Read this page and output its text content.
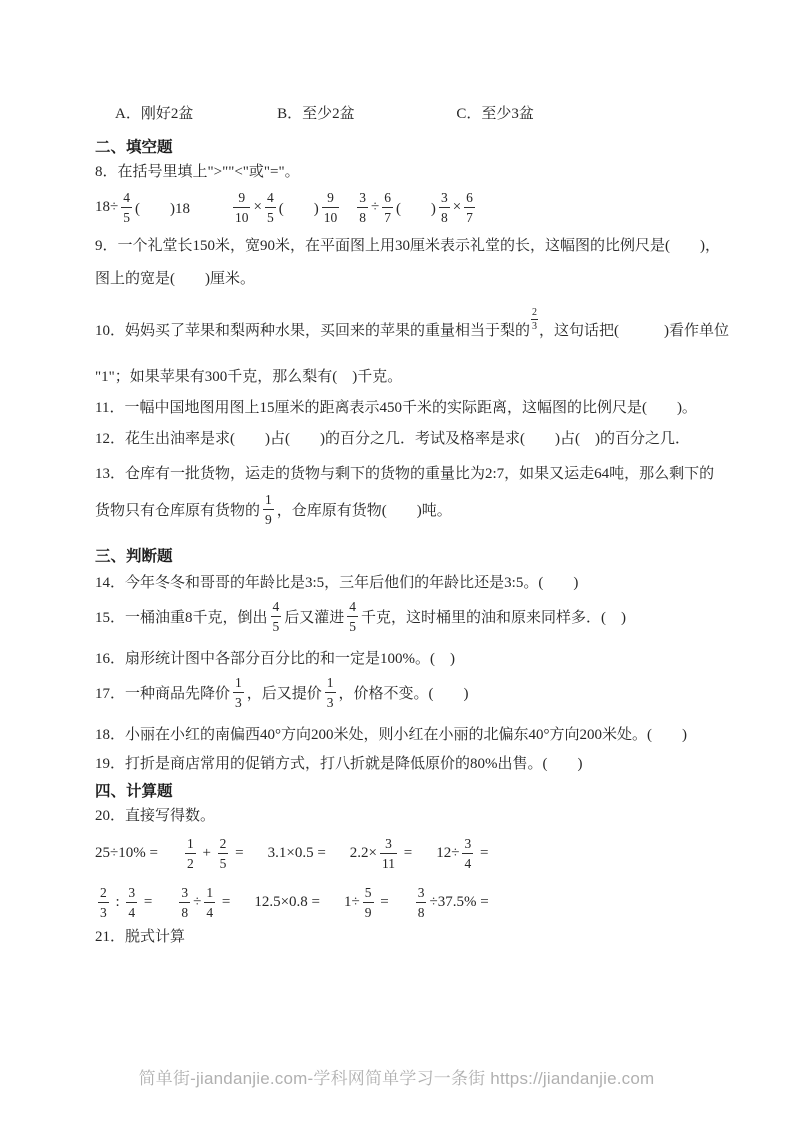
A．刚好2盆	B．至少2盆	C．至少3盆
二、填空题
8．在括号里填上">""<"或"="。
$18\div \frac{4}{5}$ (　　)18	$\frac{9}{10} \times \frac{4}{5}$ (　　) $\frac{9}{10} \frac{3}{8} \div \frac{6}{7}$ (　　) $\frac{3}{8} \times \frac{6}{7}$
9．一个礼堂长150米，宽90米，在平面图上用30厘米表示礼堂的长，这幅图的比例尺是(　　)，
图上的宽是(　　)厘米。
10．妈妈买了苹果和梨两种水果，买回来的苹果的重量相当于梨的 $\frac{2}{3}$ ，这句话把(　　　)看作单位
"1"；如果苹果有300千克，那么梨有(　)千克。
11．一幅中国地图用图上15厘米的距离表示450千米的实际距离，这幅图的比例尺是(　　)。
12．花生出油率是求(　　)占(　　)的百分之几．考试及格率是求(　　)占(　)的百分之几．
13．仓库有一批货物，运走的货物与剩下的货物的重量比为2:7，如果又运走64吨，那么剩下的
货物只有仓库原有货物的 $\frac{1}{9}$ ，仓库原有货物(　　)吨。
三、判断题
14．今年冬冬和哥哥的年龄比是3:5，三年后他们的年龄比还是3:5。(　　)
15．一桶油重8千克，倒出 $\frac{4}{5}$ 后又灌进 $\frac{4}{5}$ 千克，这时桶里的油和原来同样多．(　)
16．扇形统计图中各部分百分比的和一定是100%。(　)
17．一种商品先降价 $\frac{1}{3}$ ，后又提价 $\frac{1}{3}$ ，价格不变。(　　)
18．小丽在小红的南偏西40°方向200米处，则小红在小丽的北偏东40°方向200米处。(　　)
19．打折是商店常用的促销方式，打八折就是降低原价的80%出售。(　　)
四、计算题
20．直接写得数。
$25\div 10\% = \frac{1}{2} + \frac{2}{5} = 3.1\times 0.5 = 2.2\times \frac{3}{11} = 12\div \frac{3}{4}$ =
$\frac{2}{3}$ : $\frac{3}{4} = \frac{3}{8} \div \frac{1}{4} = 12.5\times 0.8 = 1\div \frac{5}{9} = \frac{3}{8} \div 37.5\%$ =
21．脱式计算
简单街-jiandanjie.com-学科网简单学习一条街 https://jiandanjie.com
